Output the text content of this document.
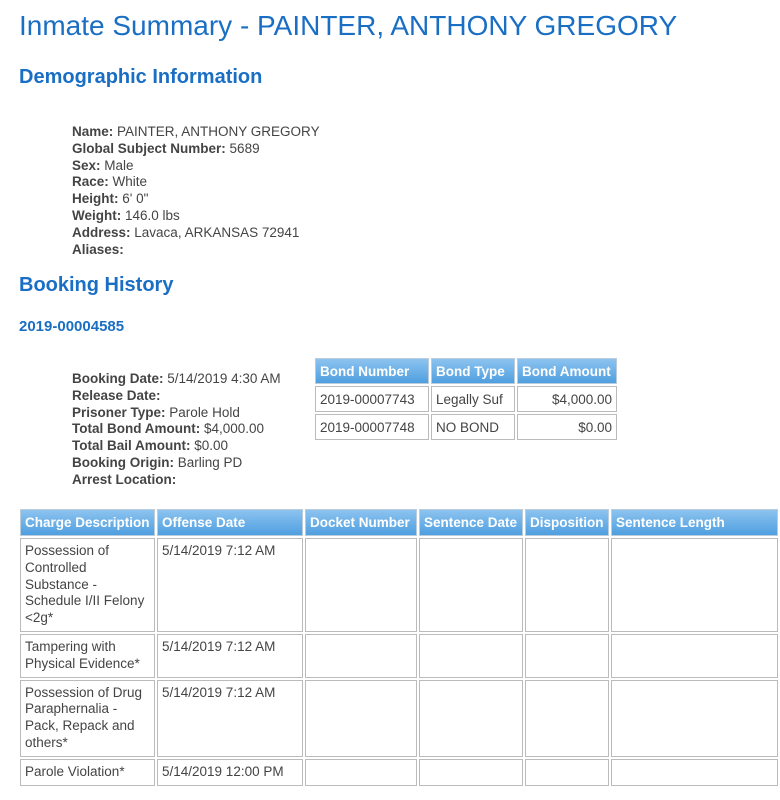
Inmate Summary - PAINTER, ANTHONY GREGORY
Demographic Information
Name: PAINTER, ANTHONY GREGORY
Global Subject Number: 5689
Sex: Male
Race: White
Height: 6' 0"
Weight: 146.0 lbs
Address: Lavaca, ARKANSAS 72941
Aliases:
Booking History
2019-00004585
Booking Date: 5/14/2019 4:30 AM
Release Date:
Prisoner Type: Parole Hold
Total Bond Amount: $4,000.00
Total Bail Amount: $0.00
Booking Origin: Barling PD
Arrest Location:
Bond Number	Bond Type	Bond Amount
2019-00007743	Legally Suf	$4,000.00
2019-00007748	NO BOND	$0.00
Charge Description	Offense Date	Docket Number	Sentence Date	Disposition	Sentence Length
Possession of Controlled Substance - Schedule I/II Felony <2g*	5/14/2019 7:12 AM				
Tampering with Physical Evidence*	5/14/2019 7:12 AM				
Possession of Drug Paraphernalia - Pack, Repack and others*	5/14/2019 7:12 AM				
Parole Violation*	5/14/2019 12:00 PM				
